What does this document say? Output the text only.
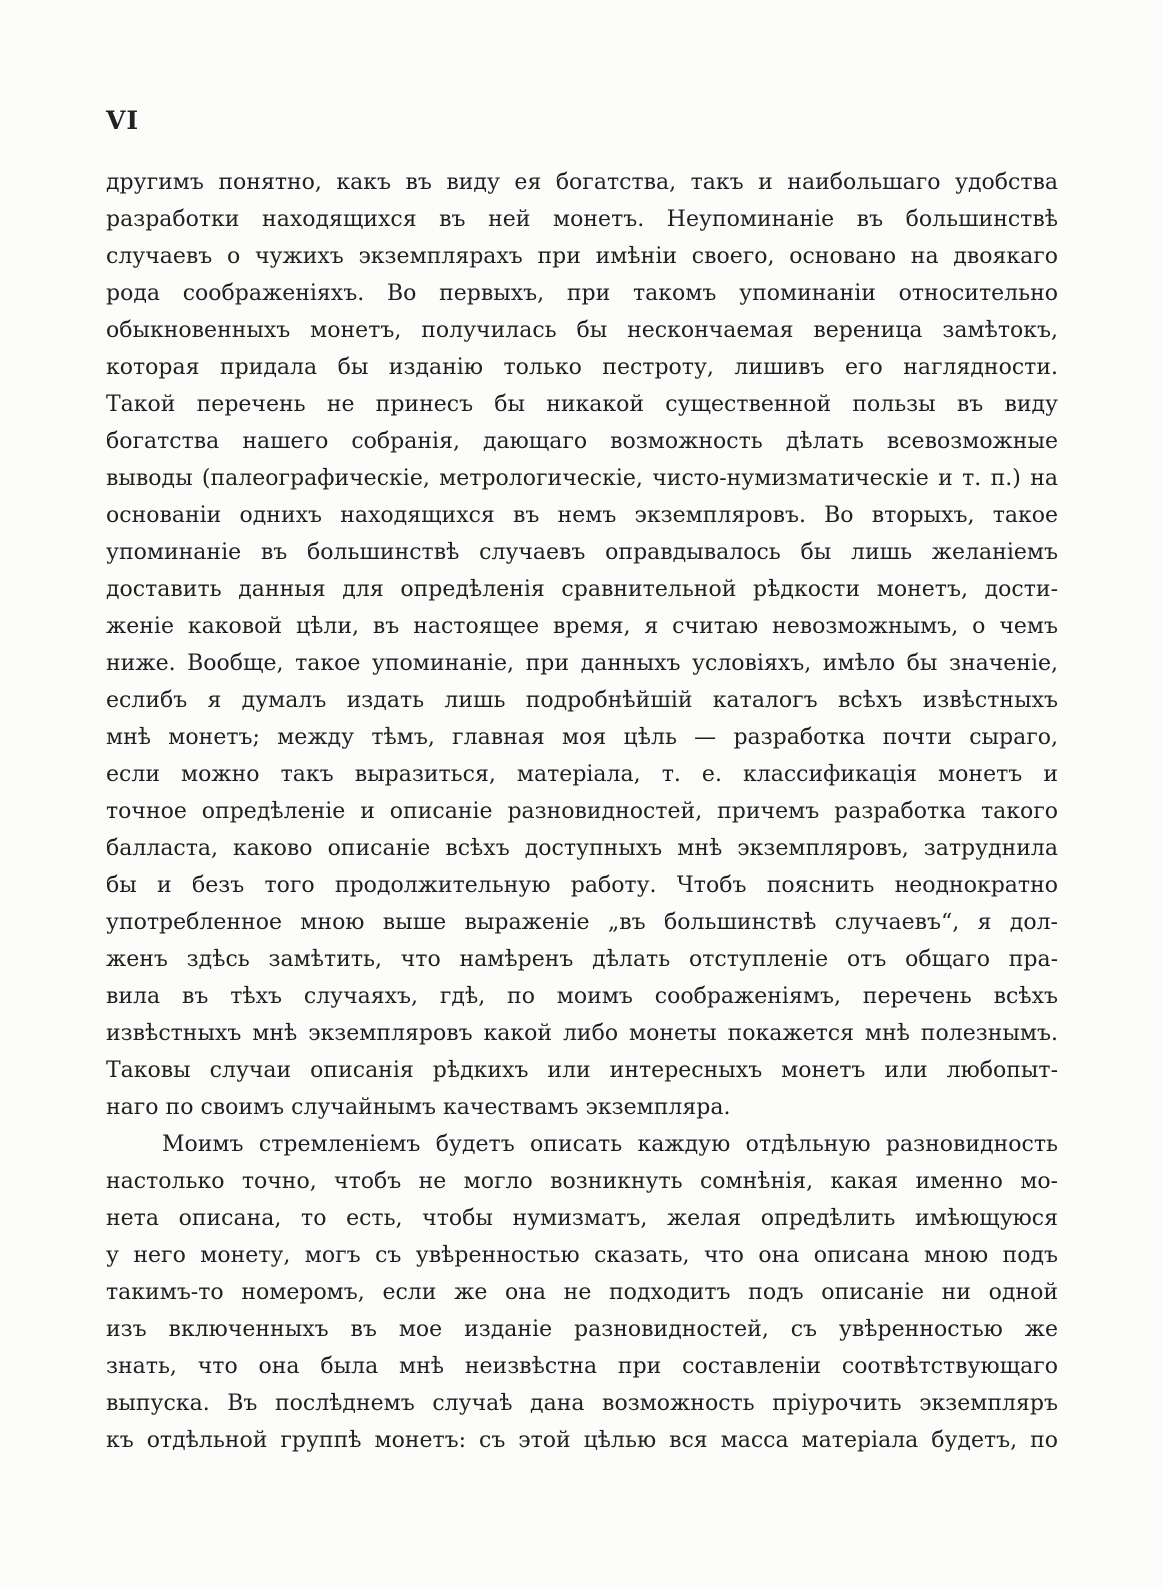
VI
другимъ понятно, какъ въ виду ея богатства, такъ и наибольшаго удобства
разработки находящихся въ ней монетъ. Неупоминаніе въ большинствѣ
случаевъ о чужихъ экземплярахъ при имѣніи своего, основано на двоякаго
рода соображеніяхъ. Во первыхъ, при такомъ упоминаніи относительно
обыкновенныхъ монетъ, получилась бы нескончаемая вереница замѣтокъ,
которая придала бы изданію только пестроту, лишивъ его наглядности.
Такой перечень не принесъ бы никакой существенной пользы въ виду
богатства нашего собранія, дающаго возможность дѣлать всевозможные
выводы (палеографическіе, метрологическіе, чисто-нумизматическіе и т. п.) на
основаніи однихъ находящихся въ немъ экземпляровъ. Во вторыхъ, такое
упоминаніе въ большинствѣ случаевъ оправдывалось бы лишь желаніемъ
доставить данныя для опредѣленія сравнительной рѣдкости монетъ, дости-
женіе каковой цѣли, въ настоящее время, я считаю невозможнымъ, о чемъ
ниже. Вообще, такое упоминаніе, при данныхъ условіяхъ, имѣло бы значеніе,
еслибъ я думалъ издать лишь подробнѣйшій каталогъ всѣхъ извѣстныхъ
мнѣ монетъ; между тѣмъ, главная моя цѣль — разработка почти сыраго,
если можно такъ выразиться, матеріала, т. е. классификація монетъ и
точное опредѣленіе и описаніе разновидностей, причемъ разработка такого
балласта, каково описаніе всѣхъ доступныхъ мнѣ экземпляровъ, затруднила
бы и безъ того продолжительную работу. Чтобъ пояснить неоднократно
употребленное мною выше выраженіе „въ большинствѣ случаевъ“, я дол-
женъ здѣсь замѣтить, что намѣренъ дѣлать отступленіе отъ общаго пра-
вила въ тѣхъ случаяхъ, гдѣ, по моимъ соображеніямъ, перечень всѣхъ
извѣстныхъ мнѣ экземпляровъ какой либо монеты покажется мнѣ полезнымъ.
Таковы случаи описанія рѣдкихъ или интересныхъ монетъ или любопыт-
наго по своимъ случайнымъ качествамъ экземпляра.
Моимъ стремленіемъ будетъ описать каждую отдѣльную разновидность
настолько точно, чтобъ не могло возникнуть сомнѣнія, какая именно мо-
нета описана, то есть, чтобы нумизматъ, желая опредѣлить имѣющуюся
у него монету, могъ съ увѣренностью сказать, что она описана мною подъ
такимъ-то номеромъ, если же она не подходитъ подъ описаніе ни одной
изъ включенныхъ въ мое изданіе разновидностей, съ увѣренностью же
знать, что она была мнѣ неизвѣстна при составленіи соотвѣтствующаго
выпуска. Въ послѣднемъ случаѣ дана возможность пріурочить экземпляръ
къ отдѣльной группѣ монетъ: съ этой цѣлью вся масса матеріала будетъ, по
